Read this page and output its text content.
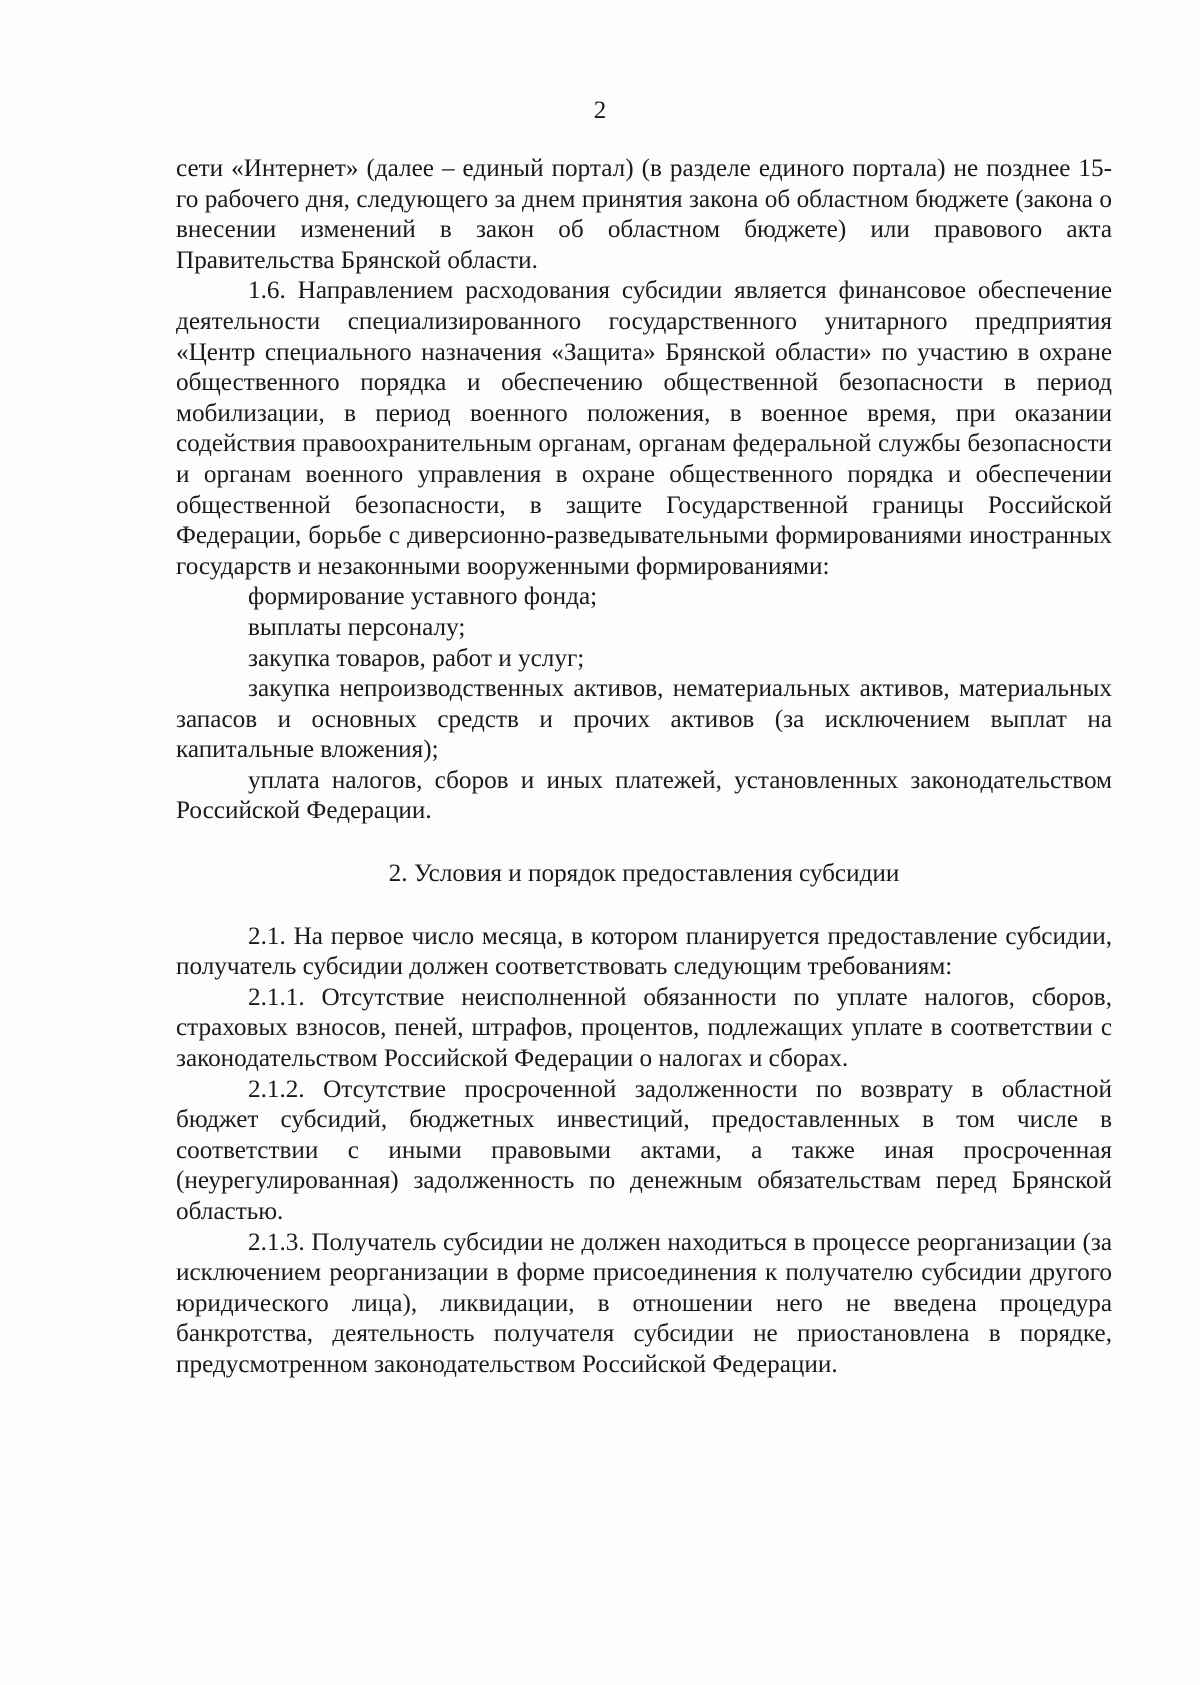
2

сети «Интернет» (далее – единый портал) (в разделе единого портала) не позднее 15-го рабочего дня, следующего за днем принятия закона об областном бюджете (закона о внесении изменений в закон об областном бюджете) или правового акта Правительства Брянской области.

1.6. Направлением расходования субсидии является финансовое обеспечение деятельности специализированного государственного унитарного предприятия «Центр специального назначения «Защита» Брянской области» по участию в охране общественного порядка и обеспечению общественной безопасности в период мобилизации, в период военного положения, в военное время, при оказании содействия правоохранительным органам, органам федеральной службы безопасности и органам военного управления в охране общественного порядка и обеспечении общественной безопасности, в защите Государственной границы Российской Федерации, борьбе с диверсионно-разведывательными формированиями иностранных государств и незаконными вооруженными формированиями:

формирование уставного фонда;

выплаты персоналу;

закупка товаров, работ и услуг;

закупка непроизводственных активов, нематериальных активов, материальных запасов и основных средств и прочих активов (за исключением выплат на капитальные вложения);

уплата налогов, сборов и иных платежей, установленных законодательством Российской Федерации.

2. Условия и порядок предоставления субсидии

2.1. На первое число месяца, в котором планируется предоставление субсидии, получатель субсидии должен соответствовать следующим требованиям:

2.1.1. Отсутствие неисполненной обязанности по уплате налогов, сборов, страховых взносов, пеней, штрафов, процентов, подлежащих уплате в соответствии с законодательством Российской Федерации о налогах и сборах.

2.1.2. Отсутствие просроченной задолженности по возврату в областной бюджет субсидий, бюджетных инвестиций, предоставленных в том числе в соответствии с иными правовыми актами, а также иная просроченная (неурегулированная) задолженность по денежным обязательствам перед Брянской областью.

2.1.3. Получатель субсидии не должен находиться в процессе реорганизации (за исключением реорганизации в форме присоединения к получателю субсидии другого юридического лица), ликвидации, в отношении него не введена процедура банкротства, деятельность получателя субсидии не приостановлена в порядке, предусмотренном законодательством Российской Федерации.
